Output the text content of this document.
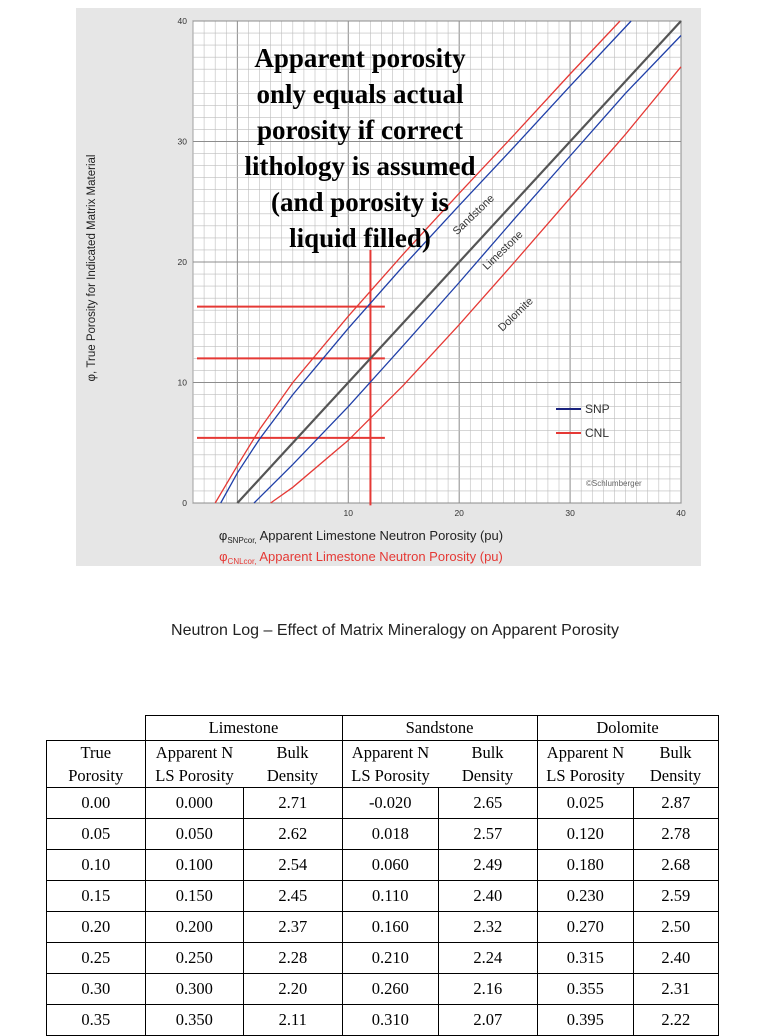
$\varphi_{SNPcor,}$ Apparent Limestone Neutron Porosity (pu)
$\varphi_{CNLcor,}$ Apparent Limestone Neutron Porosity (pu)
φ, True Porosity for Indicated Matrix Material
©Schlumberger
10	20	30	40
0
10
20
30
40
Sandstone
Limestone
Dolomite
SNP
CNL
Apparent porosity
only equals actual
porosity if correct
lithology is assumed
(and porosity is
liquid filled)
Neutron Log – Effect of Matrix Mineralogy on Apparent Porosity
	Limestone		Sandstone		Dolomite	
True	Apparent N	Bulk	Apparent N	Bulk	Apparent N	Bulk
Porosity	LS Porosity	Density	LS Porosity	Density	LS Porosity	Density
0.00	0.000	2.71	-0.020	2.65	0.025	2.87
0.05	0.050	2.62	0.018	2.57	0.120	2.78
0.10	0.100	2.54	0.060	2.49	0.180	2.68
0.15	0.150	2.45	0.110	2.40	0.230	2.59
0.20	0.200	2.37	0.160	2.32	0.270	2.50
0.25	0.250	2.28	0.210	2.24	0.315	2.40
0.30	0.300	2.20	0.260	2.16	0.355	2.31
0.35	0.350	2.11	0.310	2.07	0.395	2.22
